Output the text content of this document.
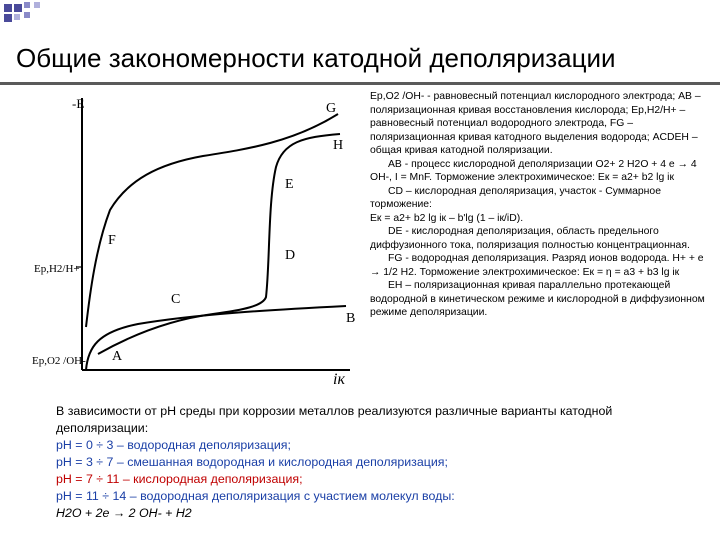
Общие закономерности катодной деполяризации
-E
iк
Ep,H2/H+
Ep,O2 /OH- A
B
C
D
E
F
G
H

Ep,O2 /OH- - равновесный потенциал кислородного электрода; АВ – поляризационная кривая восстановления кислорода; Ep,H2/H+ – равновесный потенциал водородного электрода, FG – поляризационная кривая катодного выделения водорода; ACDEH – общая кривая катодной поляризации.

АВ - процесс кислородной деполяризации O2+ 2 H2O + 4 e → 4 OH-, I = MnF. Торможение электрохимическое: Eк = a2+ b2 lg iк

CD – кислородная деполяризация, участок - Суммарное торможение:

Eк = a2+ b2 lg iк – b'lg (1 – iк/iD).

DE - кислородная деполяризация, область предельного диффузионного тока, поляризация полностью концентрационная.

FG - водородная деполяризация. Разряд ионов водорода. H+ + e → 1/2 H2. Торможение электрохимическое: Eк = η = a3 + b3 lg iк

EH – поляризационная кривая параллельно протекающей водородной в кинетическом режиме и кислородной в диффузионном режиме деполяризации.

В зависимости от pH среды при коррозии металлов реализуются различные варианты катодной деполяризации:

pH = 0 ÷ 3 – водородная деполяризация;

pH = 3 ÷ 7 – смешанная водородная и кислородная деполяризация;

pH = 7 ÷ 11 – кислородная деполяризация;

pH = 11 ÷ 14 – водородная деполяризация с участием молекул воды:

H2O + 2e → 2 OH- + H2
